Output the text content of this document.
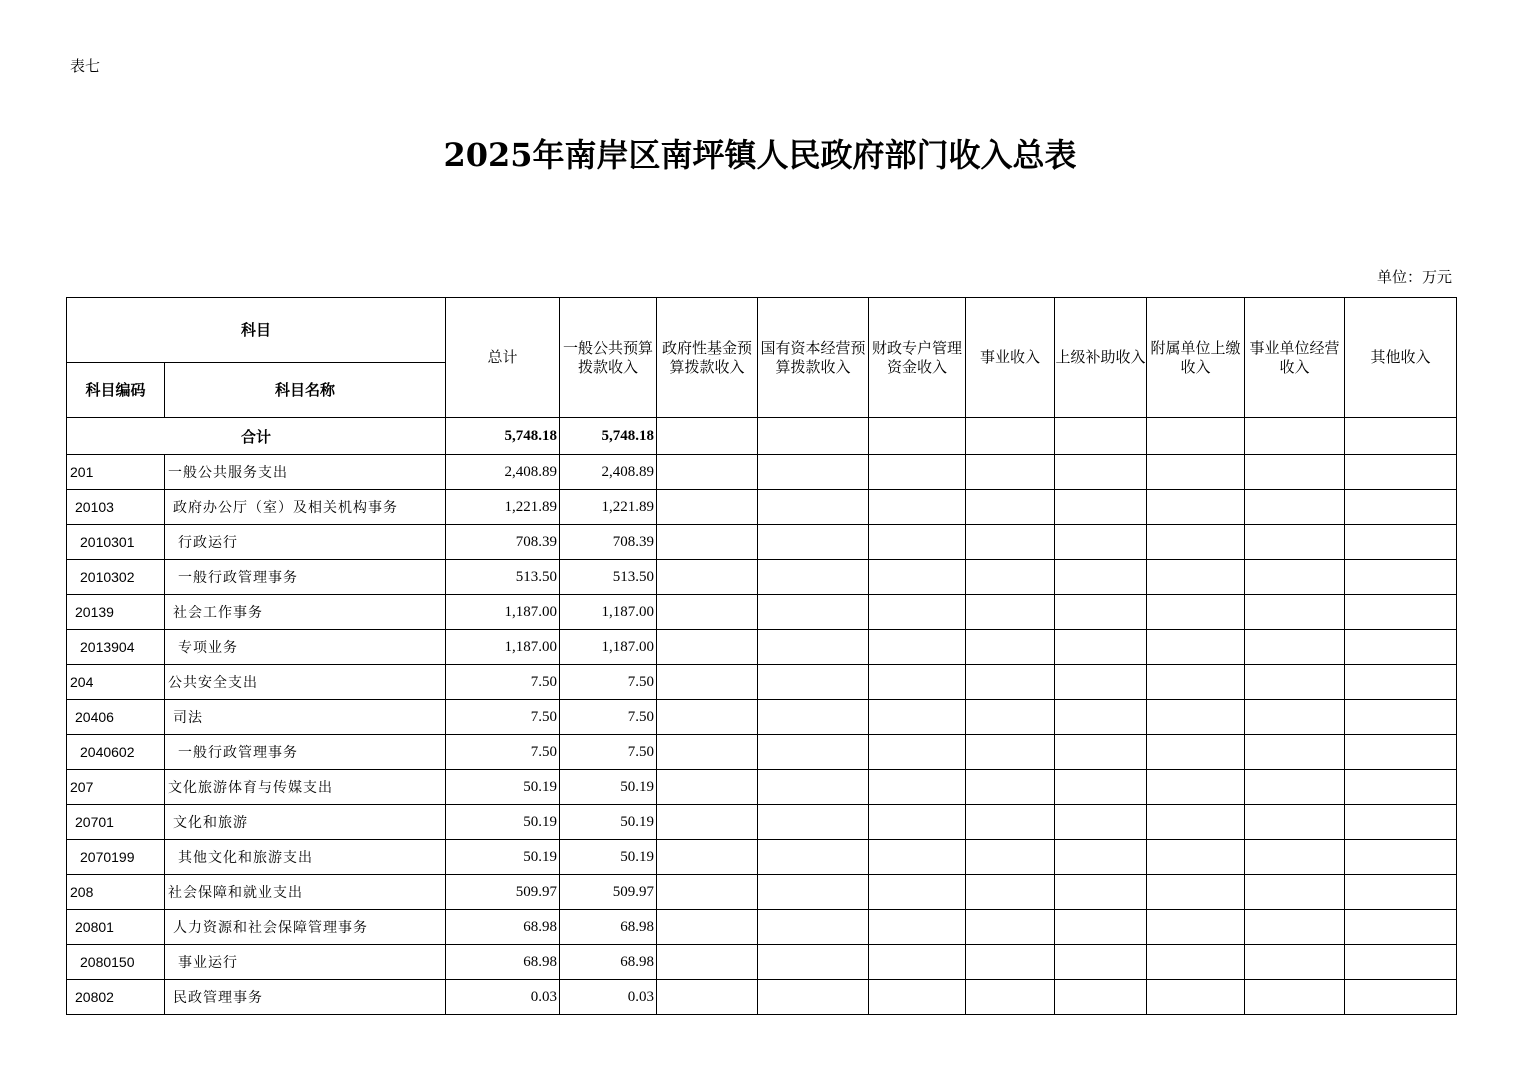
表七
2025年南岸区南坪镇人民政府部门收入总表
单位：万元
科目		总计	一般公共预算拨款收入	政府性基金预算拨款收入	国有资本经营预算拨款收入	财政专户管理资金收入	事业收入	上级补助收入	附属单位上缴收入	事业单位经营收入	其他收入
科目编码	科目名称										
合计		5,748.18	5,748.18								
201	一般公共服务支出	2,408.89	2,408.89								
20103	政府办公厅（室）及相关机构事务	1,221.89	1,221.89								
2010301	行政运行	708.39	708.39								
2010302	一般行政管理事务	513.50	513.50								
20139	社会工作事务	1,187.00	1,187.00								
2013904	专项业务	1,187.00	1,187.00								
204	公共安全支出	7.50	7.50								
20406	司法	7.50	7.50								
2040602	一般行政管理事务	7.50	7.50								
207	文化旅游体育与传媒支出	50.19	50.19								
20701	文化和旅游	50.19	50.19								
2070199	其他文化和旅游支出	50.19	50.19								
208	社会保障和就业支出	509.97	509.97								
20801	人力资源和社会保障管理事务	68.98	68.98								
2080150	事业运行	68.98	68.98								
20802	民政管理事务	0.03	0.03								
